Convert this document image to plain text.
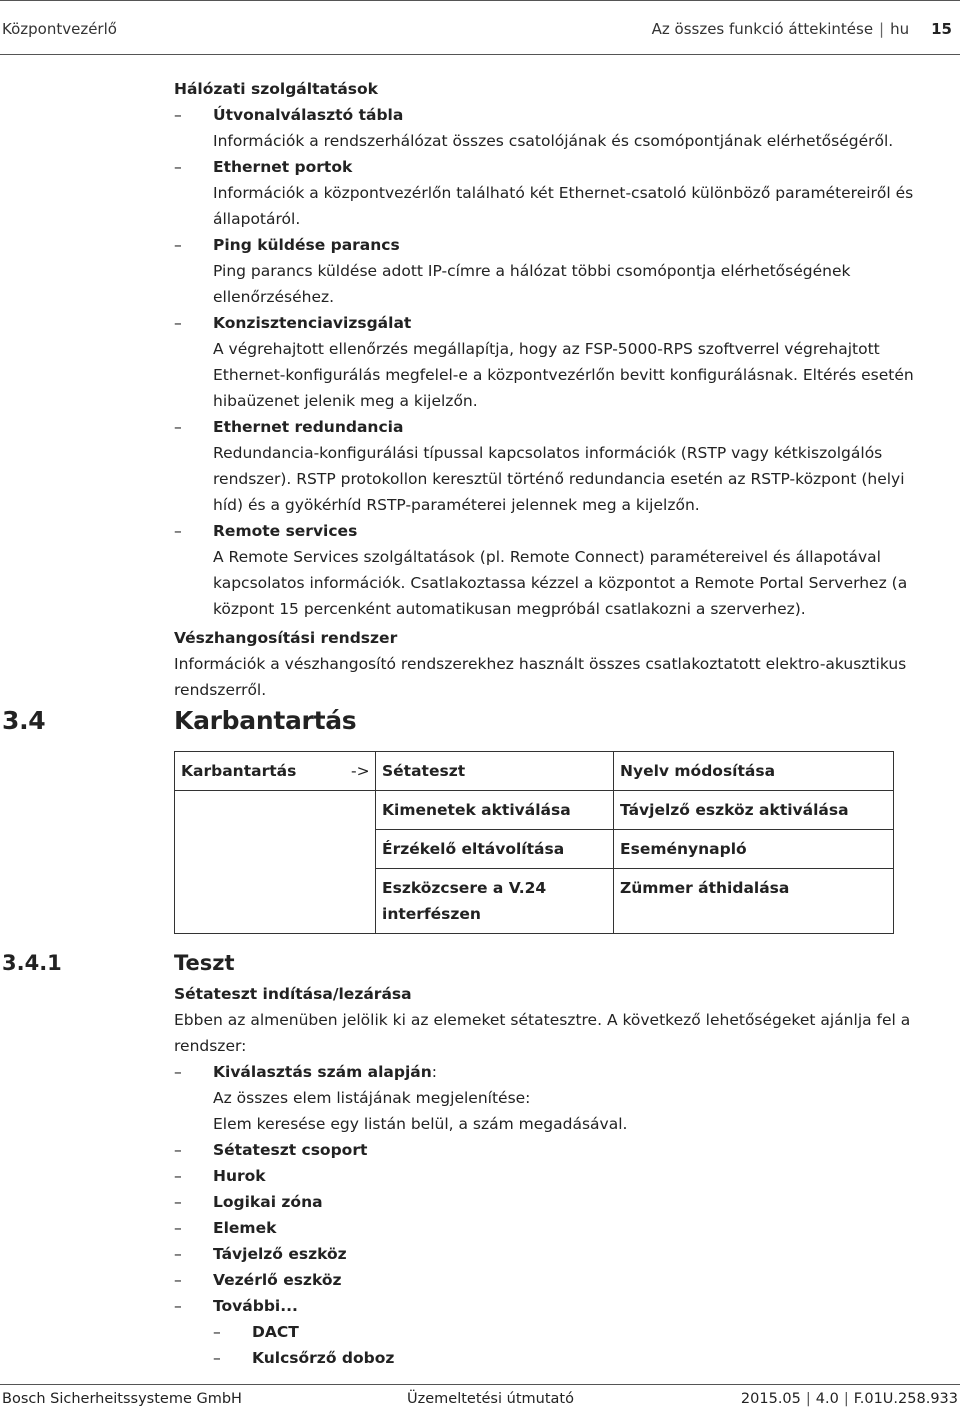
Központvezérlő	Az összes funkció áttekintése | hu 15

Hálózati szolgáltatások

– Útvonalválasztó tábla
Információk a rendszerhálózat összes csatolójának és csomópontjának elérhetőségéről.
– Ethernet portok
Információk a központvezérlőn található két Ethernet-csatoló különböző paramétereiről és
állapotáról.
– Ping küldése parancs
Ping parancs küldése adott IP-címre a hálózat többi csomópontja elérhetőségének
ellenőrzéséhez.
– Konzisztenciavizsgálat
A végrehajtott ellenőrzés megállapítja, hogy az FSP-5000-RPS szoftverrel végrehajtott
Ethernet-konfigurálás megfelel-e a központvezérlőn bevitt konfigurálásnak. Eltérés esetén
hibaüzenet jelenik meg a kijelzőn.
– Ethernet redundancia
Redundancia-konfigurálási típussal kapcsolatos információk (RSTP vagy kétkiszolgálós
rendszer). RSTP protokollon keresztül történő redundancia esetén az RSTP-központ (helyi
híd) és a gyökérhíd RSTP-paraméterei jelennek meg a kijelzőn.
– Remote services
A Remote Services szolgáltatások (pl. Remote Connect) paramétereivel és állapotával
kapcsolatos információk. Csatlakoztassa kézzel a központot a Remote Portal Serverhez (a
központ 15 percenként automatikusan megpróbál csatlakozni a szerverhez).

Vészhangosítási rendszer

Információk a vészhangosító rendszerekhez használt összes csatlakoztatott elektro-akusztikus
rendszerről.
3.4	Karbantartás
Karbantartás	->	Sétateszt	Nyelv módosítása
		Kimenetek aktiválása	Távjelző eszköz aktiválása
		Érzékelő eltávolítása	Eseménynapló
		Eszközcsere a V.24 interfészen	Zümmer áthidalása
3.4.1	Teszt

Sétateszt indítása/lezárása

Ebben az almenüben jelölik ki az elemeket sétatesztre. A következő lehetőségeket ajánlja fel a
rendszer:
– Kiválasztás szám alapján:
Az összes elem listájának megjelenítése:
Elem keresése egy listán belül, a szám megadásával.
– Sétateszt csoport
– Hurok
– Logikai zóna
– Elemek
– Távjelző eszköz
– Vezérlő eszköz
– További...
– DACT
– Kulcsőrző doboz
Bosch Sicherheitssysteme GmbH	Üzemeltetési útmutató	2015.05 | 4.0 | F.01U.258.933
